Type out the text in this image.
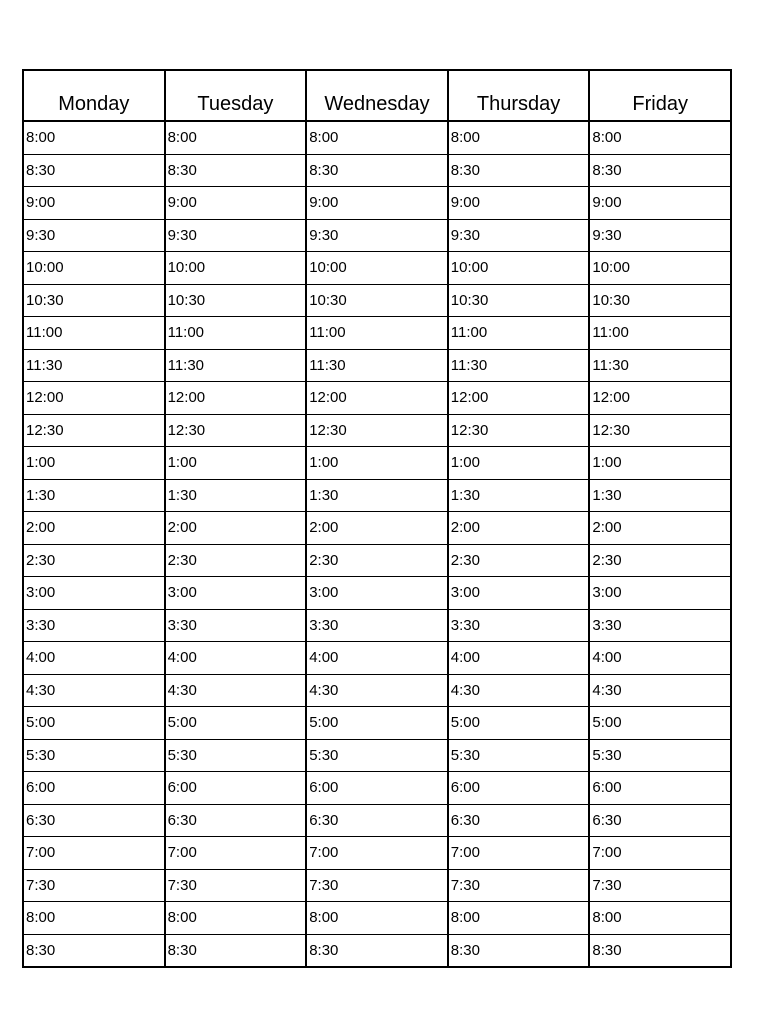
Monday	Tuesday	Wednesday	Thursday	Friday
8:00	8:00	8:00	8:00	8:00
8:30	8:30	8:30	8:30	8:30
9:00	9:00	9:00	9:00	9:00
9:30	9:30	9:30	9:30	9:30
10:00	10:00	10:00	10:00	10:00
10:30	10:30	10:30	10:30	10:30
11:00	11:00	11:00	11:00	11:00
11:30	11:30	11:30	11:30	11:30
12:00	12:00	12:00	12:00	12:00
12:30	12:30	12:30	12:30	12:30
1:00	1:00	1:00	1:00	1:00
1:30	1:30	1:30	1:30	1:30
2:00	2:00	2:00	2:00	2:00
2:30	2:30	2:30	2:30	2:30
3:00	3:00	3:00	3:00	3:00
3:30	3:30	3:30	3:30	3:30
4:00	4:00	4:00	4:00	4:00
4:30	4:30	4:30	4:30	4:30
5:00	5:00	5:00	5:00	5:00
5:30	5:30	5:30	5:30	5:30
6:00	6:00	6:00	6:00	6:00
6:30	6:30	6:30	6:30	6:30
7:00	7:00	7:00	7:00	7:00
7:30	7:30	7:30	7:30	7:30
8:00	8:00	8:00	8:00	8:00
8:30	8:30	8:30	8:30	8:30
